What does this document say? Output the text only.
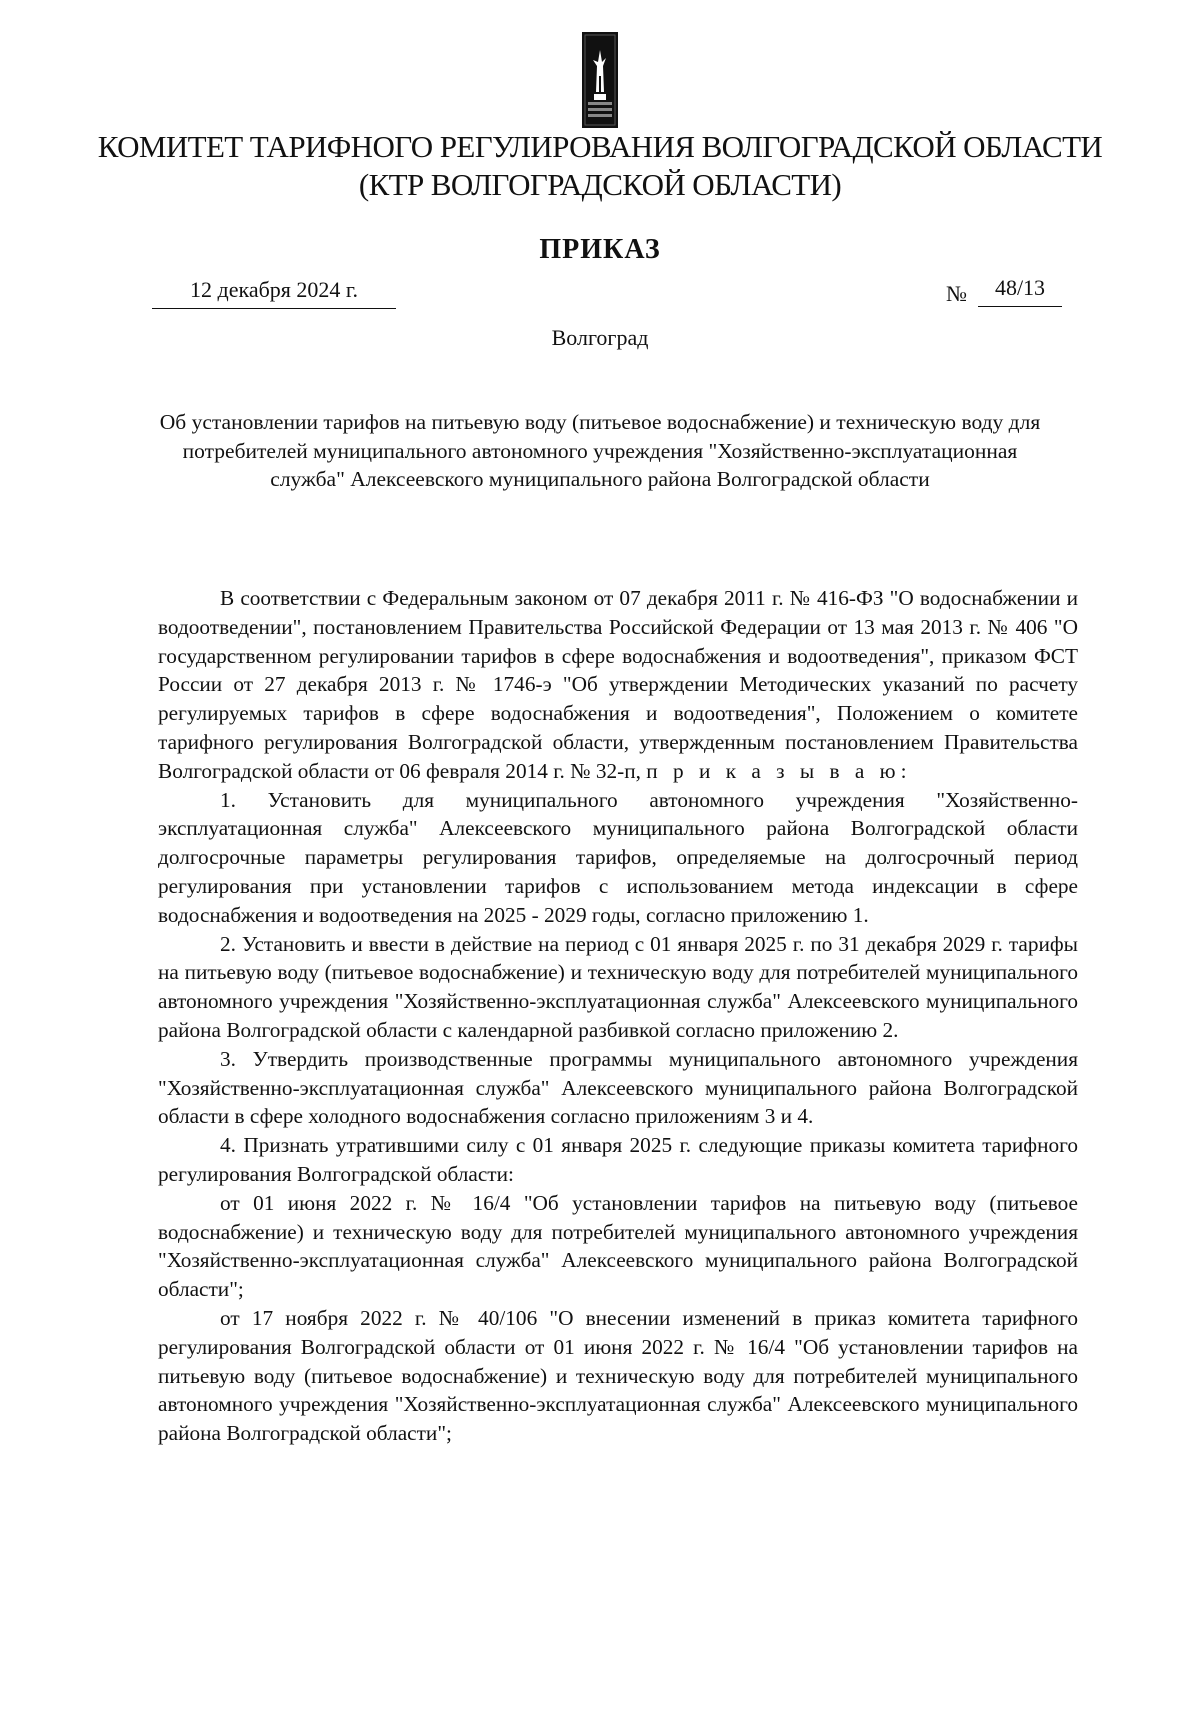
КОМИТЕТ ТАРИФНОГО РЕГУЛИРОВАНИЯ ВОЛГОГРАДСКОЙ ОБЛАСТИ
(КТР ВОЛГОГРАДСКОЙ ОБЛАСТИ)
ПРИКАЗ
12 декабря 2024 г.	№	48/13
Волгоград
Об установлении тарифов на питьевую воду (питьевое водоснабжение) и техническую воду для потребителей муниципального автономного учреждения "Хозяйственно-эксплуатационная служба" Алексеевского муниципального района Волгоградской области

В соответствии с Федеральным законом от 07 декабря 2011 г. № 416-ФЗ "О водоснабжении и водоотведении", постановлением Правительства Российской Федерации от 13 мая 2013 г. № 406 "О государственном регулировании тарифов в сфере водоснабжения и водоотведения", приказом ФСТ России от 27 декабря 2013 г. № 1746-э "Об утверждении Методических указаний по расчету регулируемых тарифов в сфере водоснабжения и водоотведения", Положением о комитете тарифного регулирования Волгоградской области, утвержденным постановлением Правительства Волгоградской области от 06 февраля 2014 г. № 32-п, п р и к а з ы в а ю:

1. Установить для муниципального автономного учреждения "Хозяйственно-эксплуатационная служба" Алексеевского муниципального района Волгоградской области долгосрочные параметры регулирования тарифов, определяемые на долгосрочный период регулирования при установлении тарифов с использованием метода индексации в сфере водоснабжения и водоотведения на 2025 - 2029 годы, согласно приложению 1.

2. Установить и ввести в действие на период с 01 января 2025 г. по 31 декабря 2029 г. тарифы на питьевую воду (питьевое водоснабжение) и техническую воду для потребителей муниципального автономного учреждения "Хозяйственно-эксплуатационная служба" Алексеевского муниципального района Волгоградской области с календарной разбивкой согласно приложению 2.

3. Утвердить производственные программы муниципального автономного учреждения "Хозяйственно-эксплуатационная служба" Алексеевского муниципального района Волгоградской области в сфере холодного водоснабжения согласно приложениям 3 и 4.

4. Признать утратившими силу с 01 января 2025 г. следующие приказы комитета тарифного регулирования Волгоградской области:

от 01 июня 2022 г. № 16/4 "Об установлении тарифов на питьевую воду (питьевое водоснабжение) и техническую воду для потребителей муниципального автономного учреждения "Хозяйственно-эксплуатационная служба" Алексеевского муниципального района Волгоградской области";

от 17 ноября 2022 г. № 40/106 "О внесении изменений в приказ комитета тарифного регулирования Волгоградской области от 01 июня 2022 г. № 16/4 "Об установлении тарифов на питьевую воду (питьевое водоснабжение) и техническую воду для потребителей муниципального автономного учреждения "Хозяйственно-эксплуатационная служба" Алексеевского муниципального района Волгоградской области";
